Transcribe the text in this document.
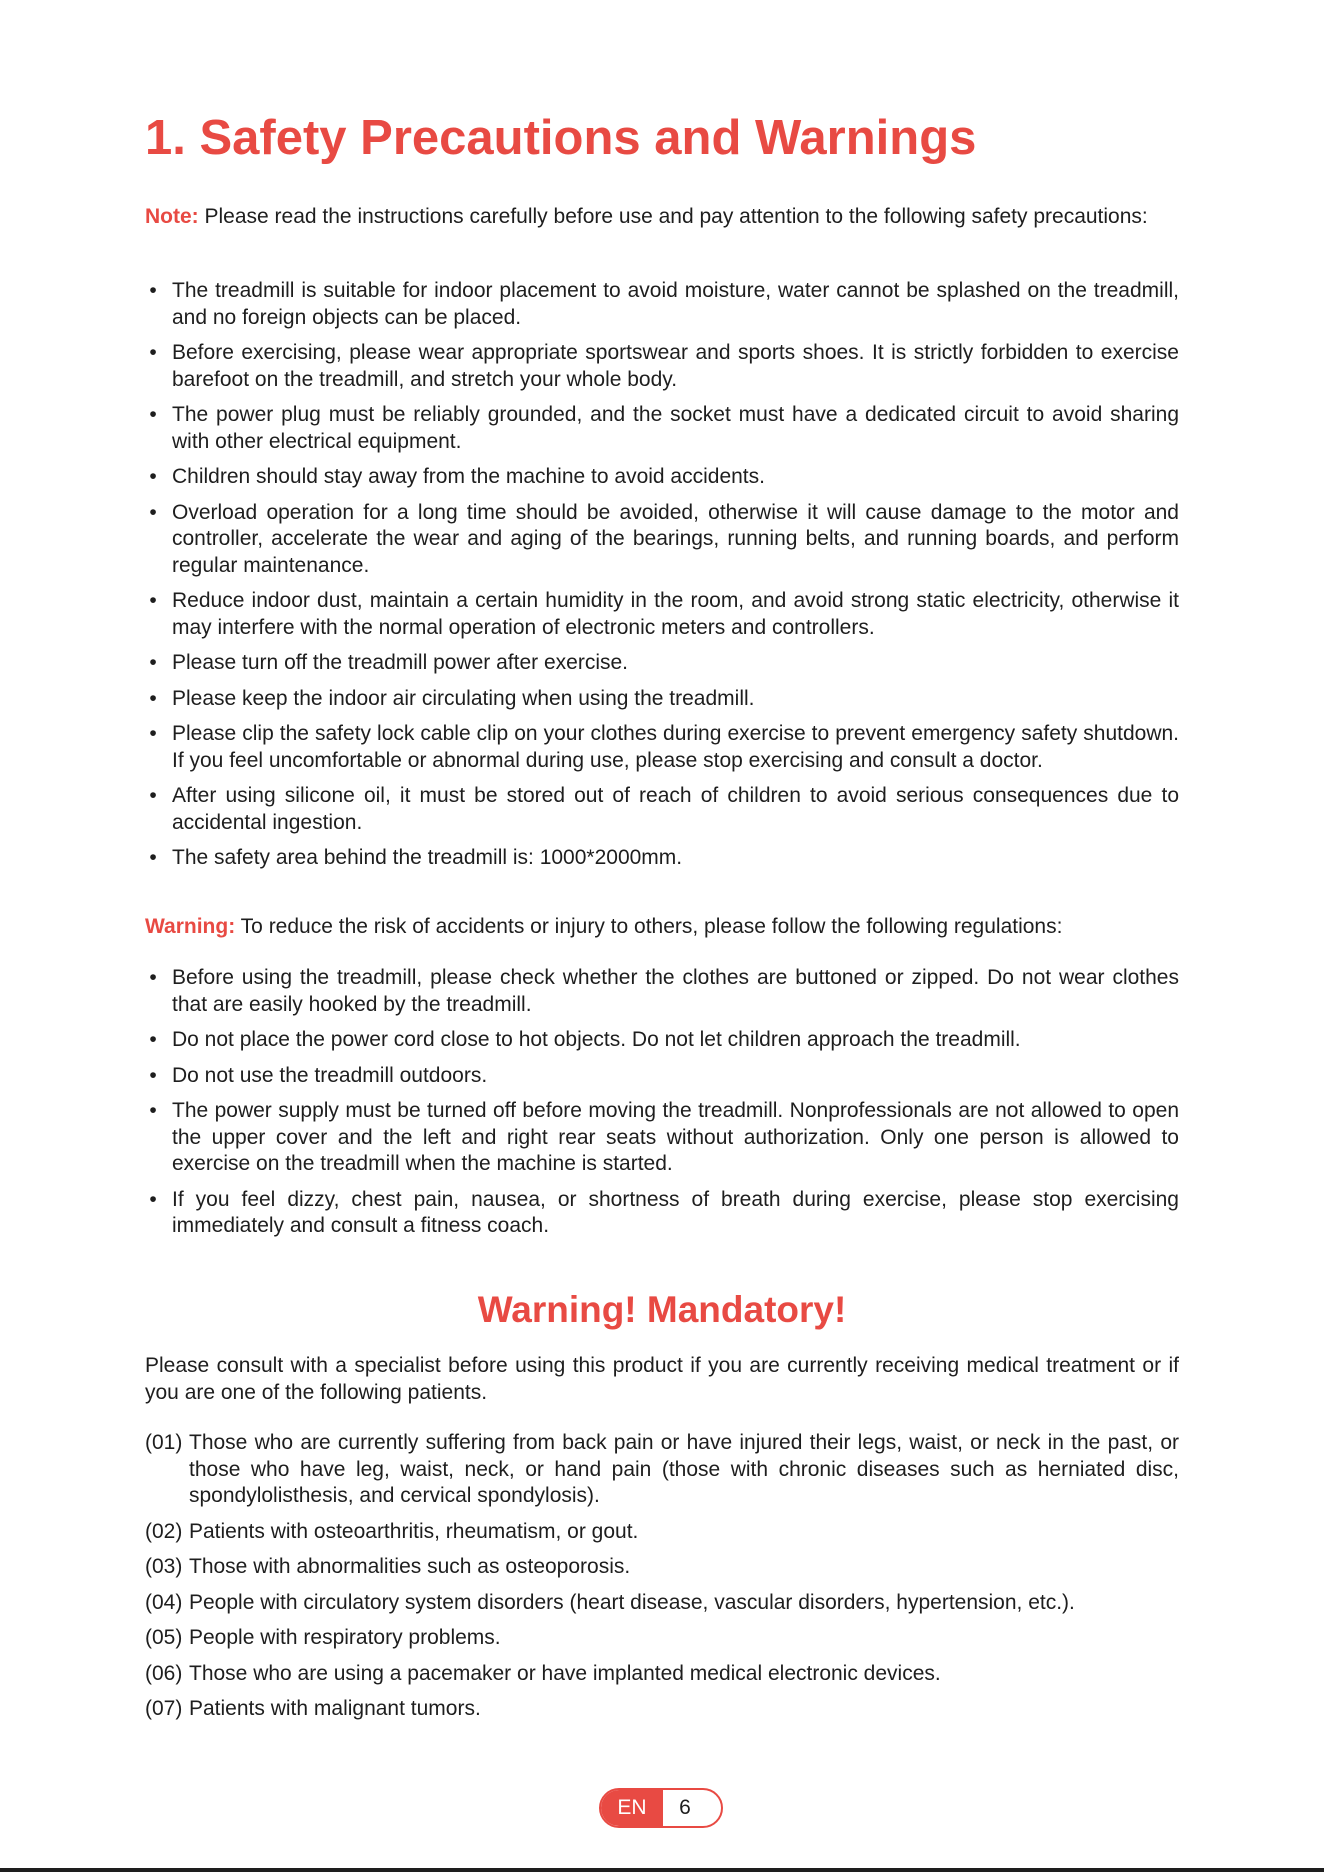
1. Safety Precautions and Warnings

Note: Please read the instructions carefully before use and pay attention to the following safety precautions:

• The treadmill is suitable for indoor placement to avoid moisture, water cannot be splashed on the treadmill, and no foreign objects can be placed.
• Before exercising, please wear appropriate sportswear and sports shoes. It is strictly forbidden to exercise barefoot on the treadmill, and stretch your whole body.
• The power plug must be reliably grounded, and the socket must have a dedicated circuit to avoid sharing with other electrical equipment.
• Children should stay away from the machine to avoid accidents.
• Overload operation for a long time should be avoided, otherwise it will cause damage to the motor and controller, accelerate the wear and aging of the bearings, running belts, and running boards, and perform regular maintenance.
• Reduce indoor dust, maintain a certain humidity in the room, and avoid strong static electricity, otherwise it may interfere with the normal operation of electronic meters and controllers.
• Please turn off the treadmill power after exercise.
• Please keep the indoor air circulating when using the treadmill.
• Please clip the safety lock cable clip on your clothes during exercise to prevent emergency safety shutdown. If you feel uncomfortable or abnormal during use, please stop exercising and consult a doctor.
• After using silicone oil, it must be stored out of reach of children to avoid serious consequences due to accidental ingestion.
• The safety area behind the treadmill is: 1000*2000mm.

Warning: To reduce the risk of accidents or injury to others, please follow the following regulations:

• Before using the treadmill, please check whether the clothes are buttoned or zipped. Do not wear clothes that are easily hooked by the treadmill.
• Do not place the power cord close to hot objects. Do not let children approach the treadmill.
• Do not use the treadmill outdoors.
• The power supply must be turned off before moving the treadmill. Nonprofessionals are not allowed to open the upper cover and the left and right rear seats without authorization. Only one person is allowed to exercise on the treadmill when the machine is started.
• If you feel dizzy, chest pain, nausea, or shortness of breath during exercise, please stop exercising immediately and consult a fitness coach.
Warning! Mandatory!

Please consult with a specialist before using this product if you are currently receiving medical treatment or if you are one of the following patients.

(01) Those who are currently suffering from back pain or have injured their legs, waist, or neck in the past, or those who have leg, waist, neck, or hand pain (those with chronic diseases such as herniated disc, spondylolisthesis, and cervical spondylosis).
(02) Patients with osteoarthritis, rheumatism, or gout.
(03) Those with abnormalities such as osteoporosis.
(04) People with circulatory system disorders (heart disease, vascular disorders, hypertension, etc.).
(05) People with respiratory problems.
(06) Those who are using a pacemaker or have implanted medical electronic devices.
(07) Patients with malignant tumors.
EN	6
